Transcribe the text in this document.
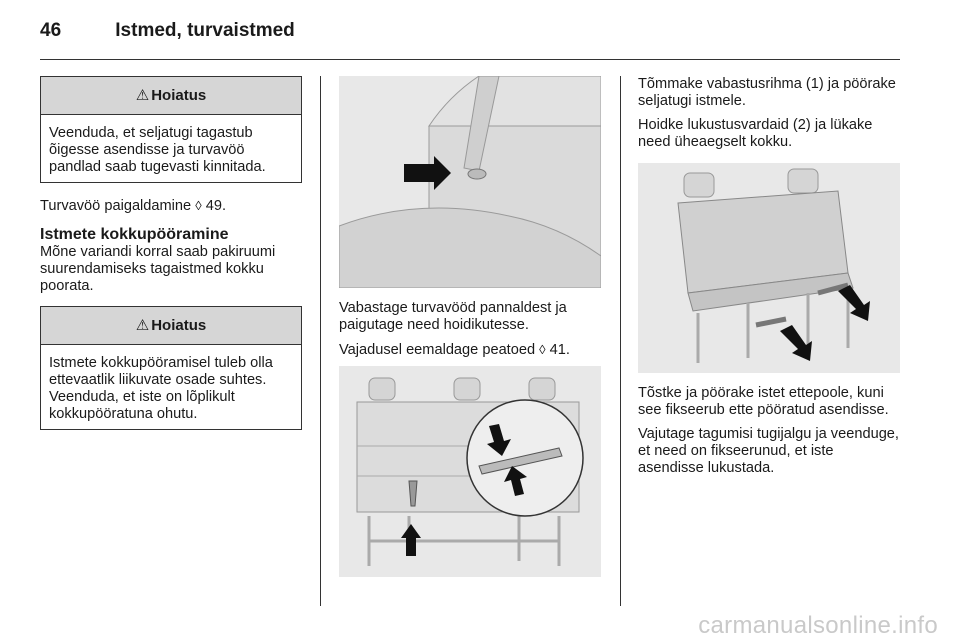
46	Istmed, turvaistmed
⚠ Hoiatus

Veenduda, et seljatugi tagastub õigesse asendisse ja turvavöö pandlad saab tugevasti kinnitada.

Turvavöö paigaldamine ◊ 49.

Istmete kokkupööramine

Mõne variandi korral saab pakiruumi suurendamiseks tagaistmed kokku poorata.

⚠ Hoiatus

Istmete kokkupööramisel tuleb olla ettevaatlik liikuvate osade suhtes. Veenduda, et iste on lõplikult kokkupööratuna ohutu.

Vabastage turvavööd pannaldest ja paigutage need hoidikutesse.

Vajadusel eemaldage peatoed ◊ 41.

Tõmmake vabastusrihma (1) ja pöörake seljatugi istmele.

Hoidke lukustusvardaid (2) ja lükake need üheaegselt kokku.

Tõstke ja pöörake istet ettepoole, kuni see fikseerub ette pööratud asendisse.

Vajutage tagumisi tugijalgu ja veenduge, et need on fikseerunud, et iste asendisse lukustada.

carmanualsonline.info
